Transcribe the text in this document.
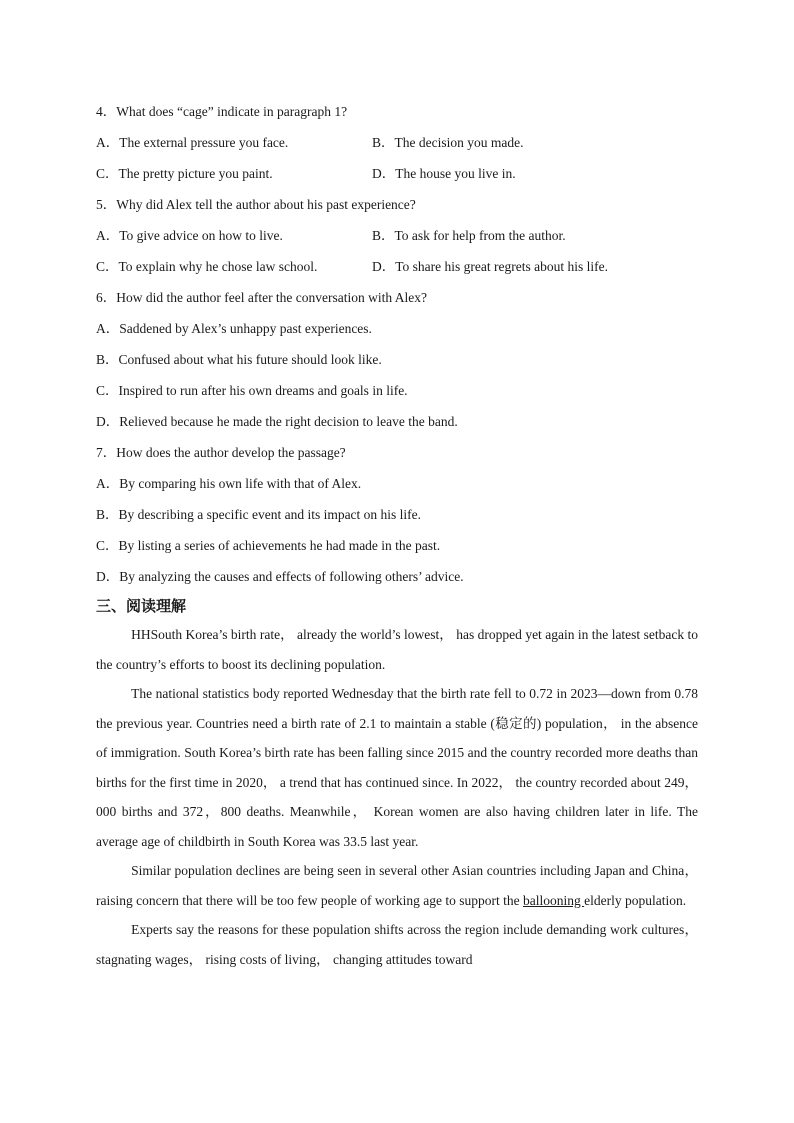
4．What does “cage” indicate in paragraph 1?
A．The external pressure you face.	B．The decision you made.
C．The pretty picture you paint.	D．The house you live in.
5．Why did Alex tell the author about his past experience?
A．To give advice on how to live.	B．To ask for help from the author.
C．To explain why he chose law school.	D．To share his great regrets about his life.
6．How did the author feel after the conversation with Alex?
A．Saddened by Alex’s unhappy past experiences.
B．Confused about what his future should look like.
C．Inspired to run after his own dreams and goals in life.
D．Relieved because he made the right decision to leave the band.
7．How does the author develop the passage?
A．By comparing his own life with that of Alex.
B．By describing a specific event and its impact on his life.
C．By listing a series of achievements he had made in the past.
D．By analyzing the causes and effects of following others’ advice.
三、阅读理解

HHSouth Korea’s birth rate， already the world’s lowest， has dropped yet again in the latest setback to the country’s efforts to boost its declining population.

The national statistics body reported Wednesday that the birth rate fell to 0.72 in 2023—down from 0.78 the previous year. Countries need a birth rate of 2.1 to maintain a stable (稳定的) population， in the absence of immigration. South Korea’s birth rate has been falling since 2015 and the country recorded more deaths than births for the first time in 2020， a trend that has continued since. In 2022， the country recorded about 249， 000 births and 372，800 deaths. Meanwhile， Korean women are also having children later in life. The average age of childbirth in South Korea was 33.5 last year.

Similar population declines are being seen in several other Asian countries including Japan and China， raising concern that there will be too few people of working age to support the ballooning elderly population.

Experts say the reasons for these population shifts across the region include demanding work cultures， stagnating wages， rising costs of living， changing attitudes toward
